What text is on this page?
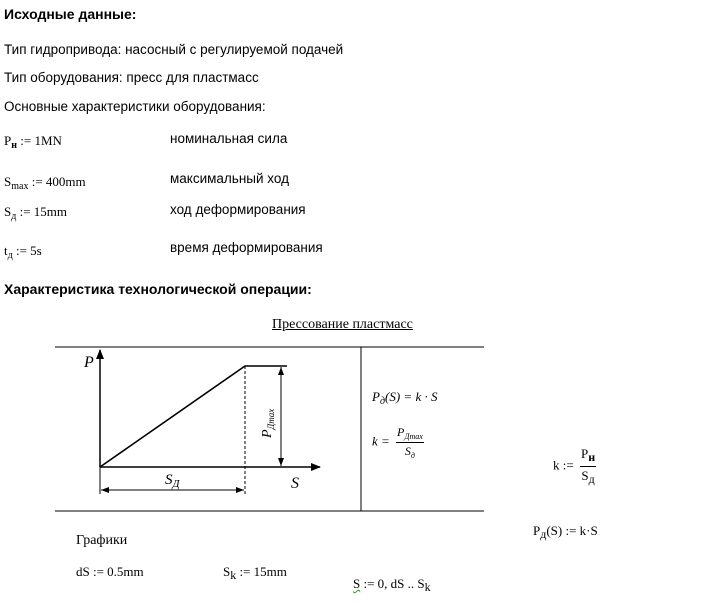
Исходные данные:
Тип гидропривода: насосный с регулируемой подачей
Тип оборудования: пресс для пластмасс
Основные характеристики оборудования:
$P_н$ := 1MN	номинальная сила
$S_{max}$ := 400mm	максимальный ход
$S_д$ := 15mm	ход деформирования
$t_д$ := 5s	время деформирования
Характеристика технологической операции:
Прессование пластмасс
P
S
$S_Д$
$P_{Дmax}$
$P_д(S) = k \cdot S$
$k = \frac{P_{Дmax}}{S_д}$
k := $\frac{P_н}{S_д}$
$P_д(S)$ := k·S
Графики
dS := 0.5mm	$S_k$ := 15mm
S := 0, dS .. $S_k$
